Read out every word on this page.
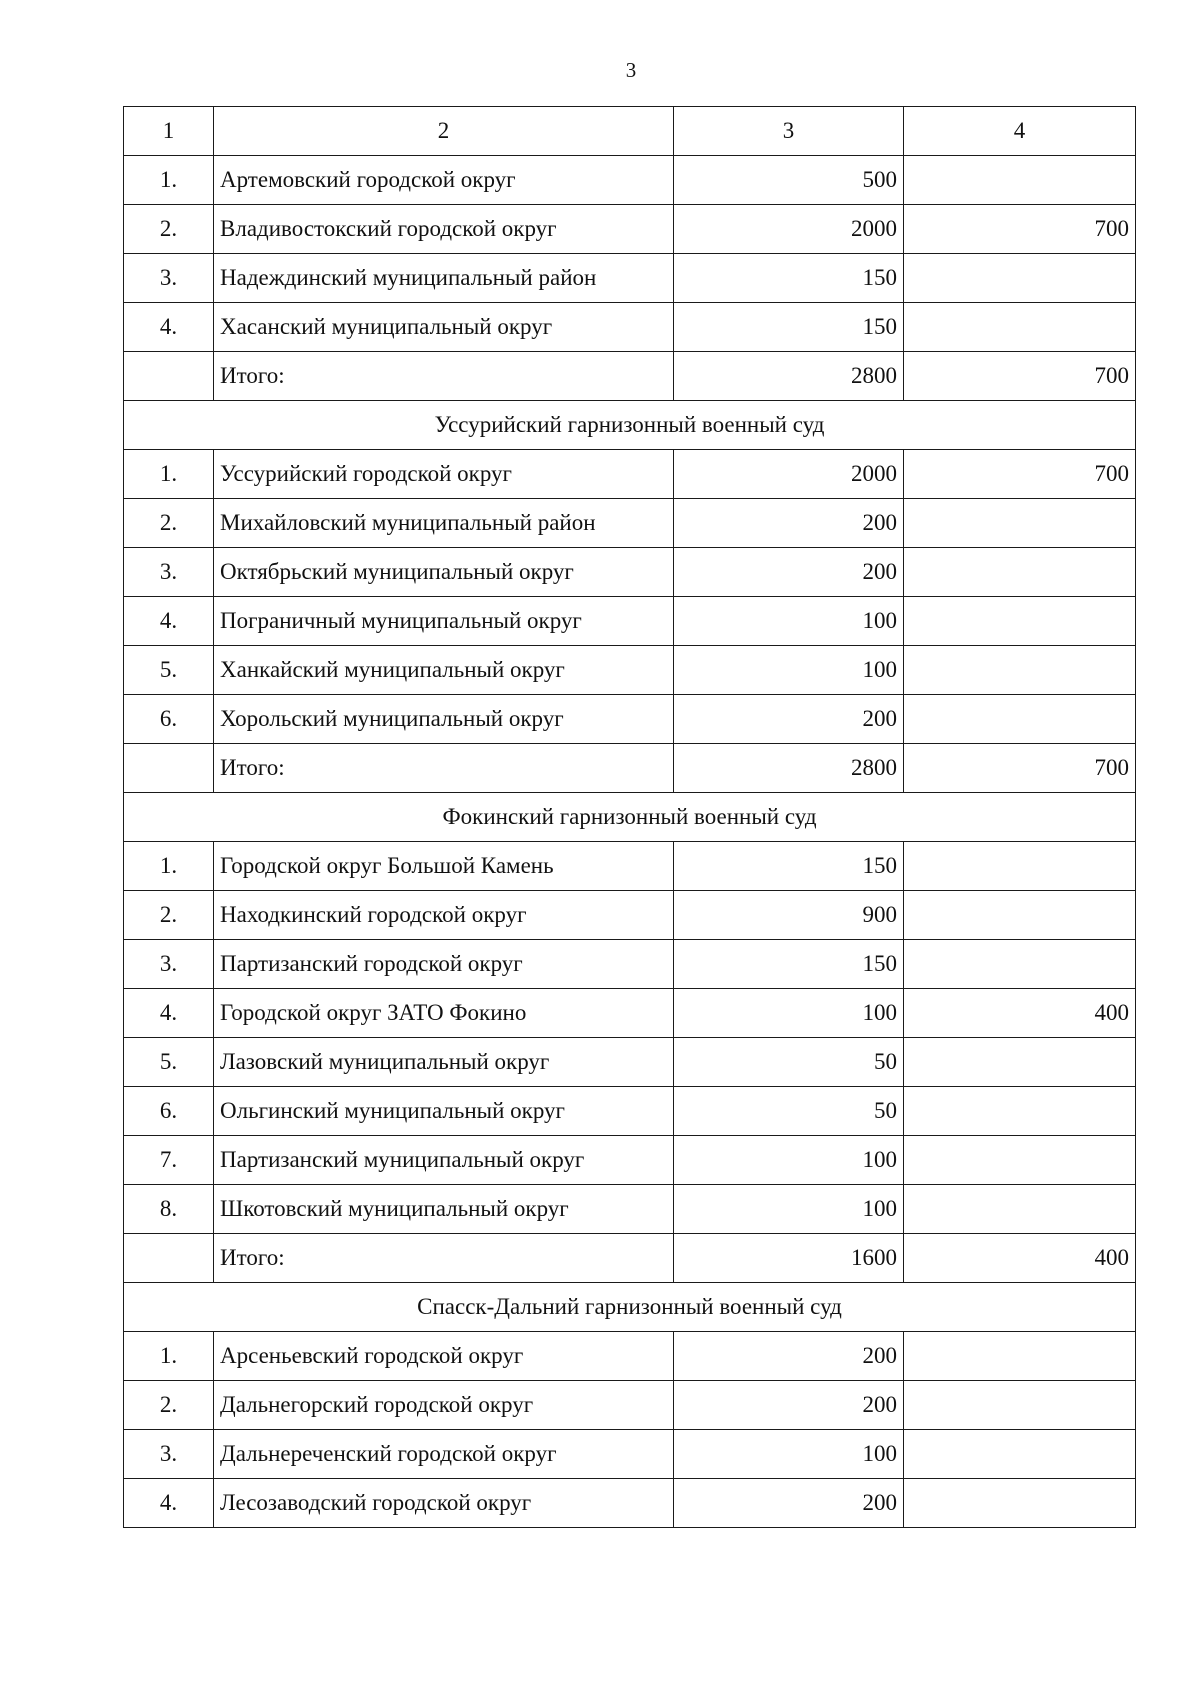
3
1	2	3	4
1.	Артемовский городской округ	500	
2.	Владивостокский городской округ	2000	700
3.	Надеждинский муниципальный район	150	
4.	Хасанский муниципальный округ	150	
	Итого:	2800	700
Уссурийский гарнизонный военный суд			
1.	Уссурийский городской округ	2000	700
2.	Михайловский муниципальный район	200	
3.	Октябрьский муниципальный округ	200	
4.	Пограничный муниципальный округ	100	
5.	Ханкайский муниципальный округ	100	
6.	Хорольский муниципальный округ	200	
	Итого:	2800	700
Фокинский гарнизонный военный суд			
1.	Городской округ Большой Камень	150	
2.	Находкинский городской округ	900	
3.	Партизанский городской округ	150	
4.	Городской округ ЗАТО Фокино	100	400
5.	Лазовский муниципальный округ	50	
6.	Ольгинский муниципальный округ	50	
7.	Партизанский муниципальный округ	100	
8.	Шкотовский муниципальный округ	100	
	Итого:	1600	400
Спасск-Дальний гарнизонный военный суд			
1.	Арсеньевский городской округ	200	
2.	Дальнегорский городской округ	200	
3.	Дальнереченский городской округ	100	
4.	Лесозаводский городской округ	200	
